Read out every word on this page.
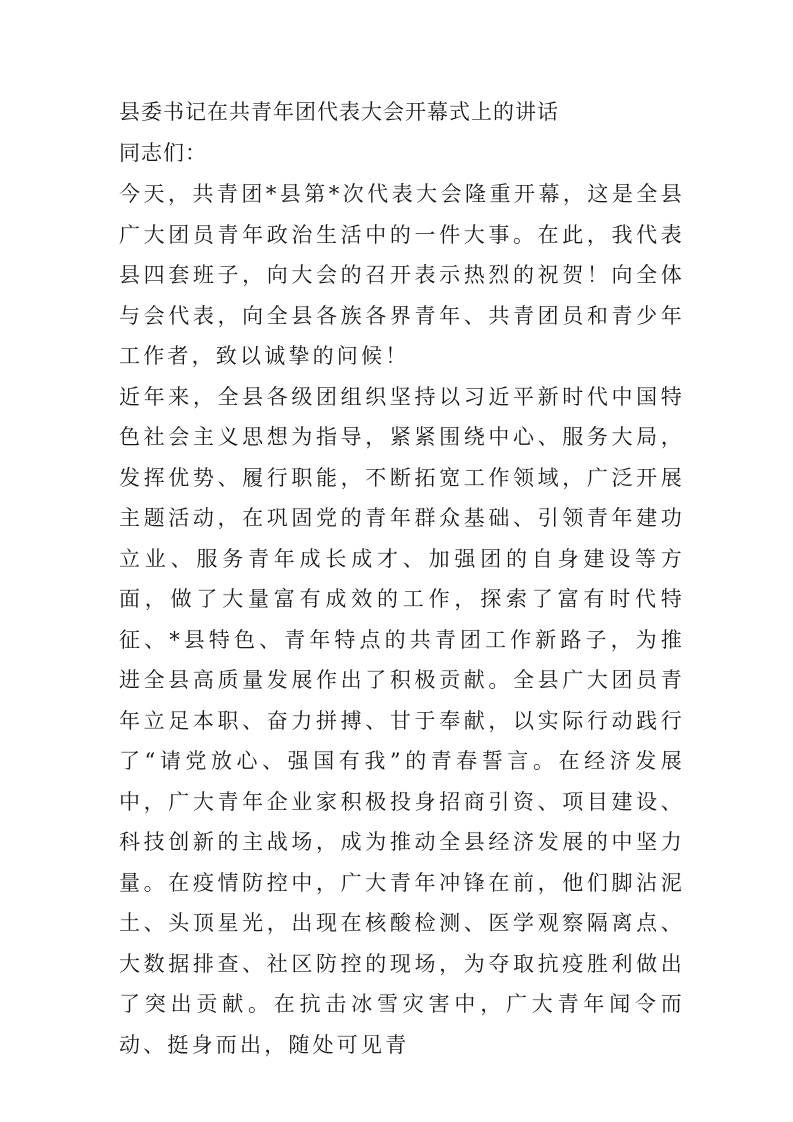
县委书记在共青年团代表大会开幕式上的讲话

同志们：

今天，共青团*县第*次代表大会隆重开幕，这是全县广大团员青年政治生活中的一件大事。在此，我代表县四套班子，向大会的召开表示热烈的祝贺！向全体与会代表，向全县各族各界青年、共青团员和青少年工作者，致以诚挚的问候！

近年来，全县各级团组织坚持以习近平新时代中国特色社会主义思想为指导，紧紧围绕中心、服务大局，发挥优势、履行职能，不断拓宽工作领域，广泛开展主题活动，在巩固党的青年群众基础、引领青年建功立业、服务青年成长成才、加强团的自身建设等方面，做了大量富有成效的工作，探索了富有时代特征、*县特色、青年特点的共青团工作新路子，为推进全县高质量发展作出了积极贡献。全县广大团员青年立足本职、奋力拼搏、甘于奉献，以实际行动践行了“请党放心、强国有我”的青春誓言。在经济发展中，广大青年企业家积极投身招商引资、项目建设、科技创新的主战场，成为推动全县经济发展的中坚力量。在疫情防控中，广大青年冲锋在前，他们脚沾泥土、头顶星光，出现在核酸检测、医学观察隔离点、大数据排查、社区防控的现场，为夺取抗疫胜利做出了突出贡献。在抗击冰雪灾害中，广大青年闻令而动、挺身而出，随处可见青
